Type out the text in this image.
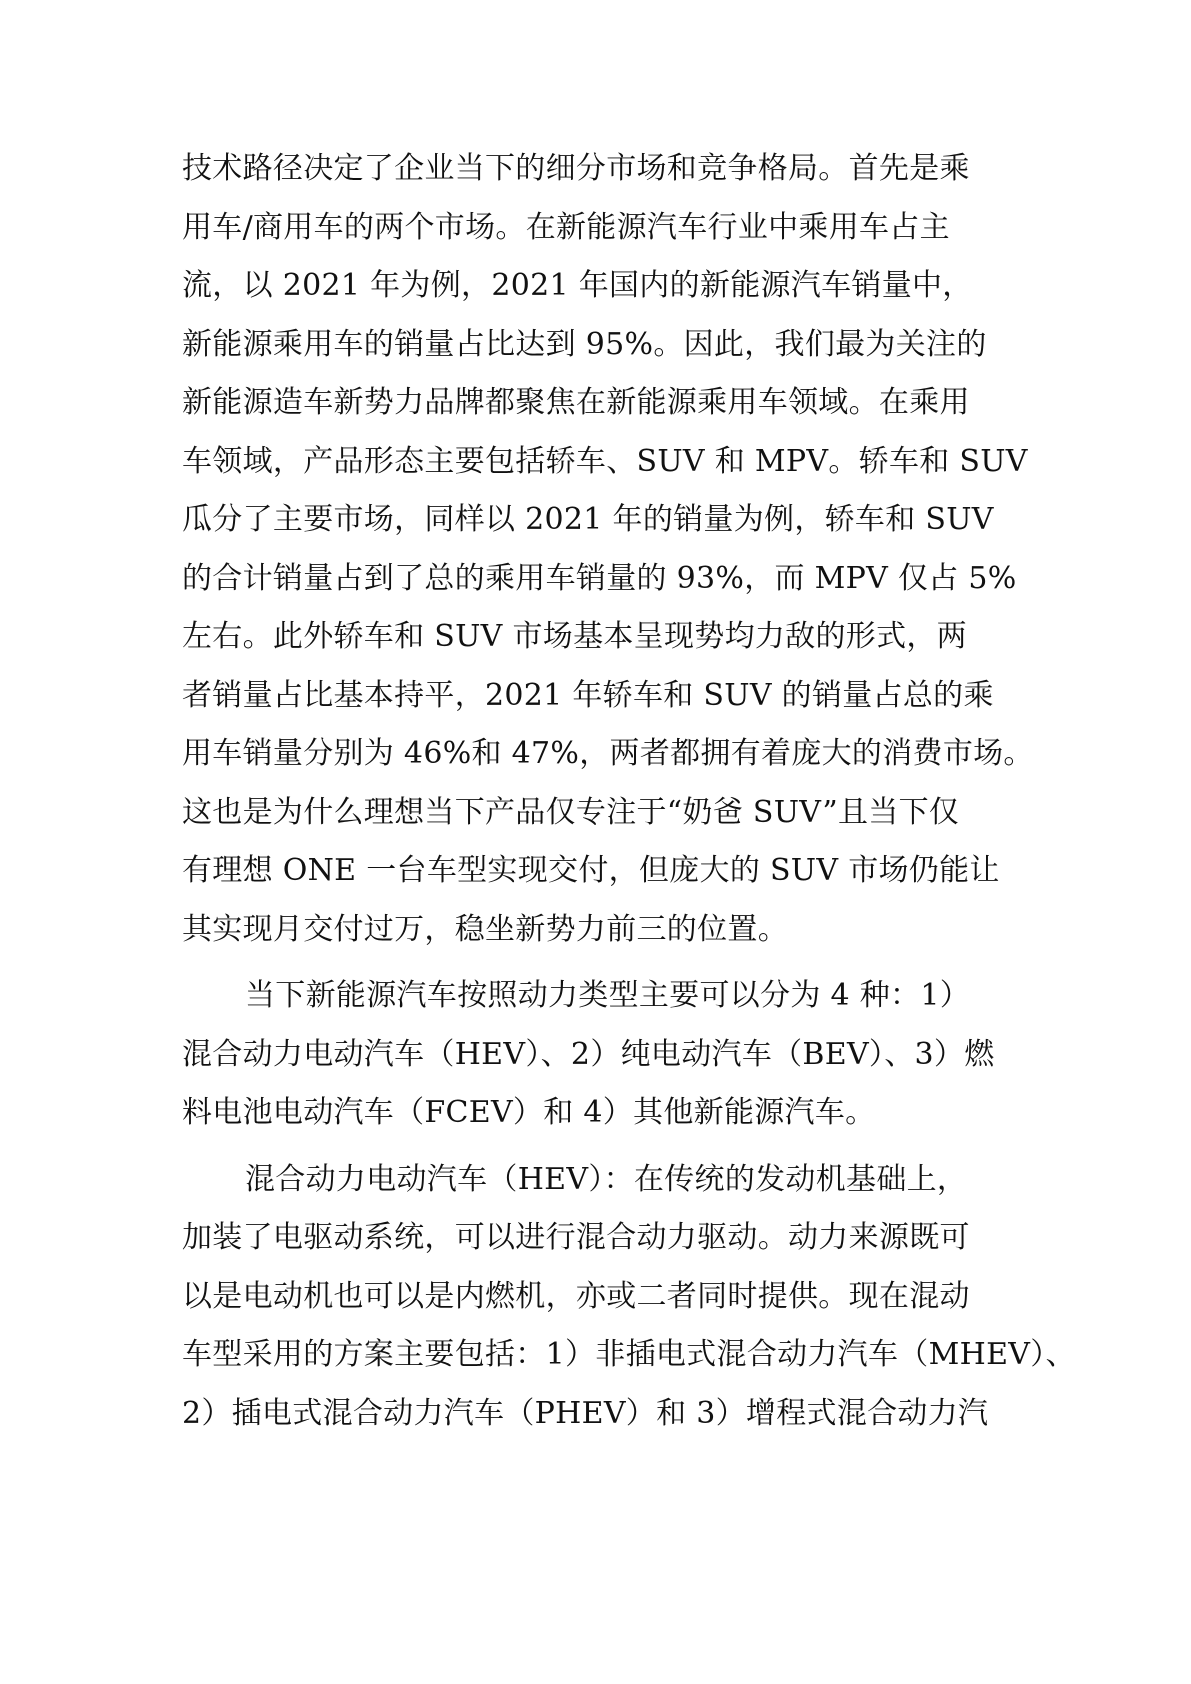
技术路径决定了企业当下的细分市场和竞争格局。首先是乘
用车/商用车的两个市场。在新能源汽车行业中乘用车占主
流，以 2021 年为例，2021 年国内的新能源汽车销量中，
新能源乘用车的销量占比达到 95%。因此，我们最为关注的
新能源造车新势力品牌都聚焦在新能源乘用车领域。在乘用
车领域，产品形态主要包括轿车、SUV 和 MPV。轿车和 SUV
瓜分了主要市场，同样以 2021 年的销量为例，轿车和 SUV
的合计销量占到了总的乘用车销量的 93%，而 MPV 仅占 5%
左右。此外轿车和 SUV 市场基本呈现势均力敌的形式，两
者销量占比基本持平，2021 年轿车和 SUV 的销量占总的乘
用车销量分别为 46%和 47%，两者都拥有着庞大的消费市场。
这也是为什么理想当下产品仅专注于“奶爸 SUV”且当下仅
有理想 ONE 一台车型实现交付，但庞大的 SUV 市场仍能让
其实现月交付过万，稳坐新势力前三的位置。
当下新能源汽车按照动力类型主要可以分为 4 种：1）
混合动力电动汽车（HEV）、2）纯电动汽车（BEV）、3）燃
料电池电动汽车（FCEV）和 4）其他新能源汽车。
混合动力电动汽车（HEV）：在传统的发动机基础上，
加装了电驱动系统，可以进行混合动力驱动。动力来源既可
以是电动机也可以是内燃机，亦或二者同时提供。现在混动
车型采用的方案主要包括：1）非插电式混合动力汽车（MHEV）、
2）插电式混合动力汽车（PHEV）和 3）增程式混合动力汽
